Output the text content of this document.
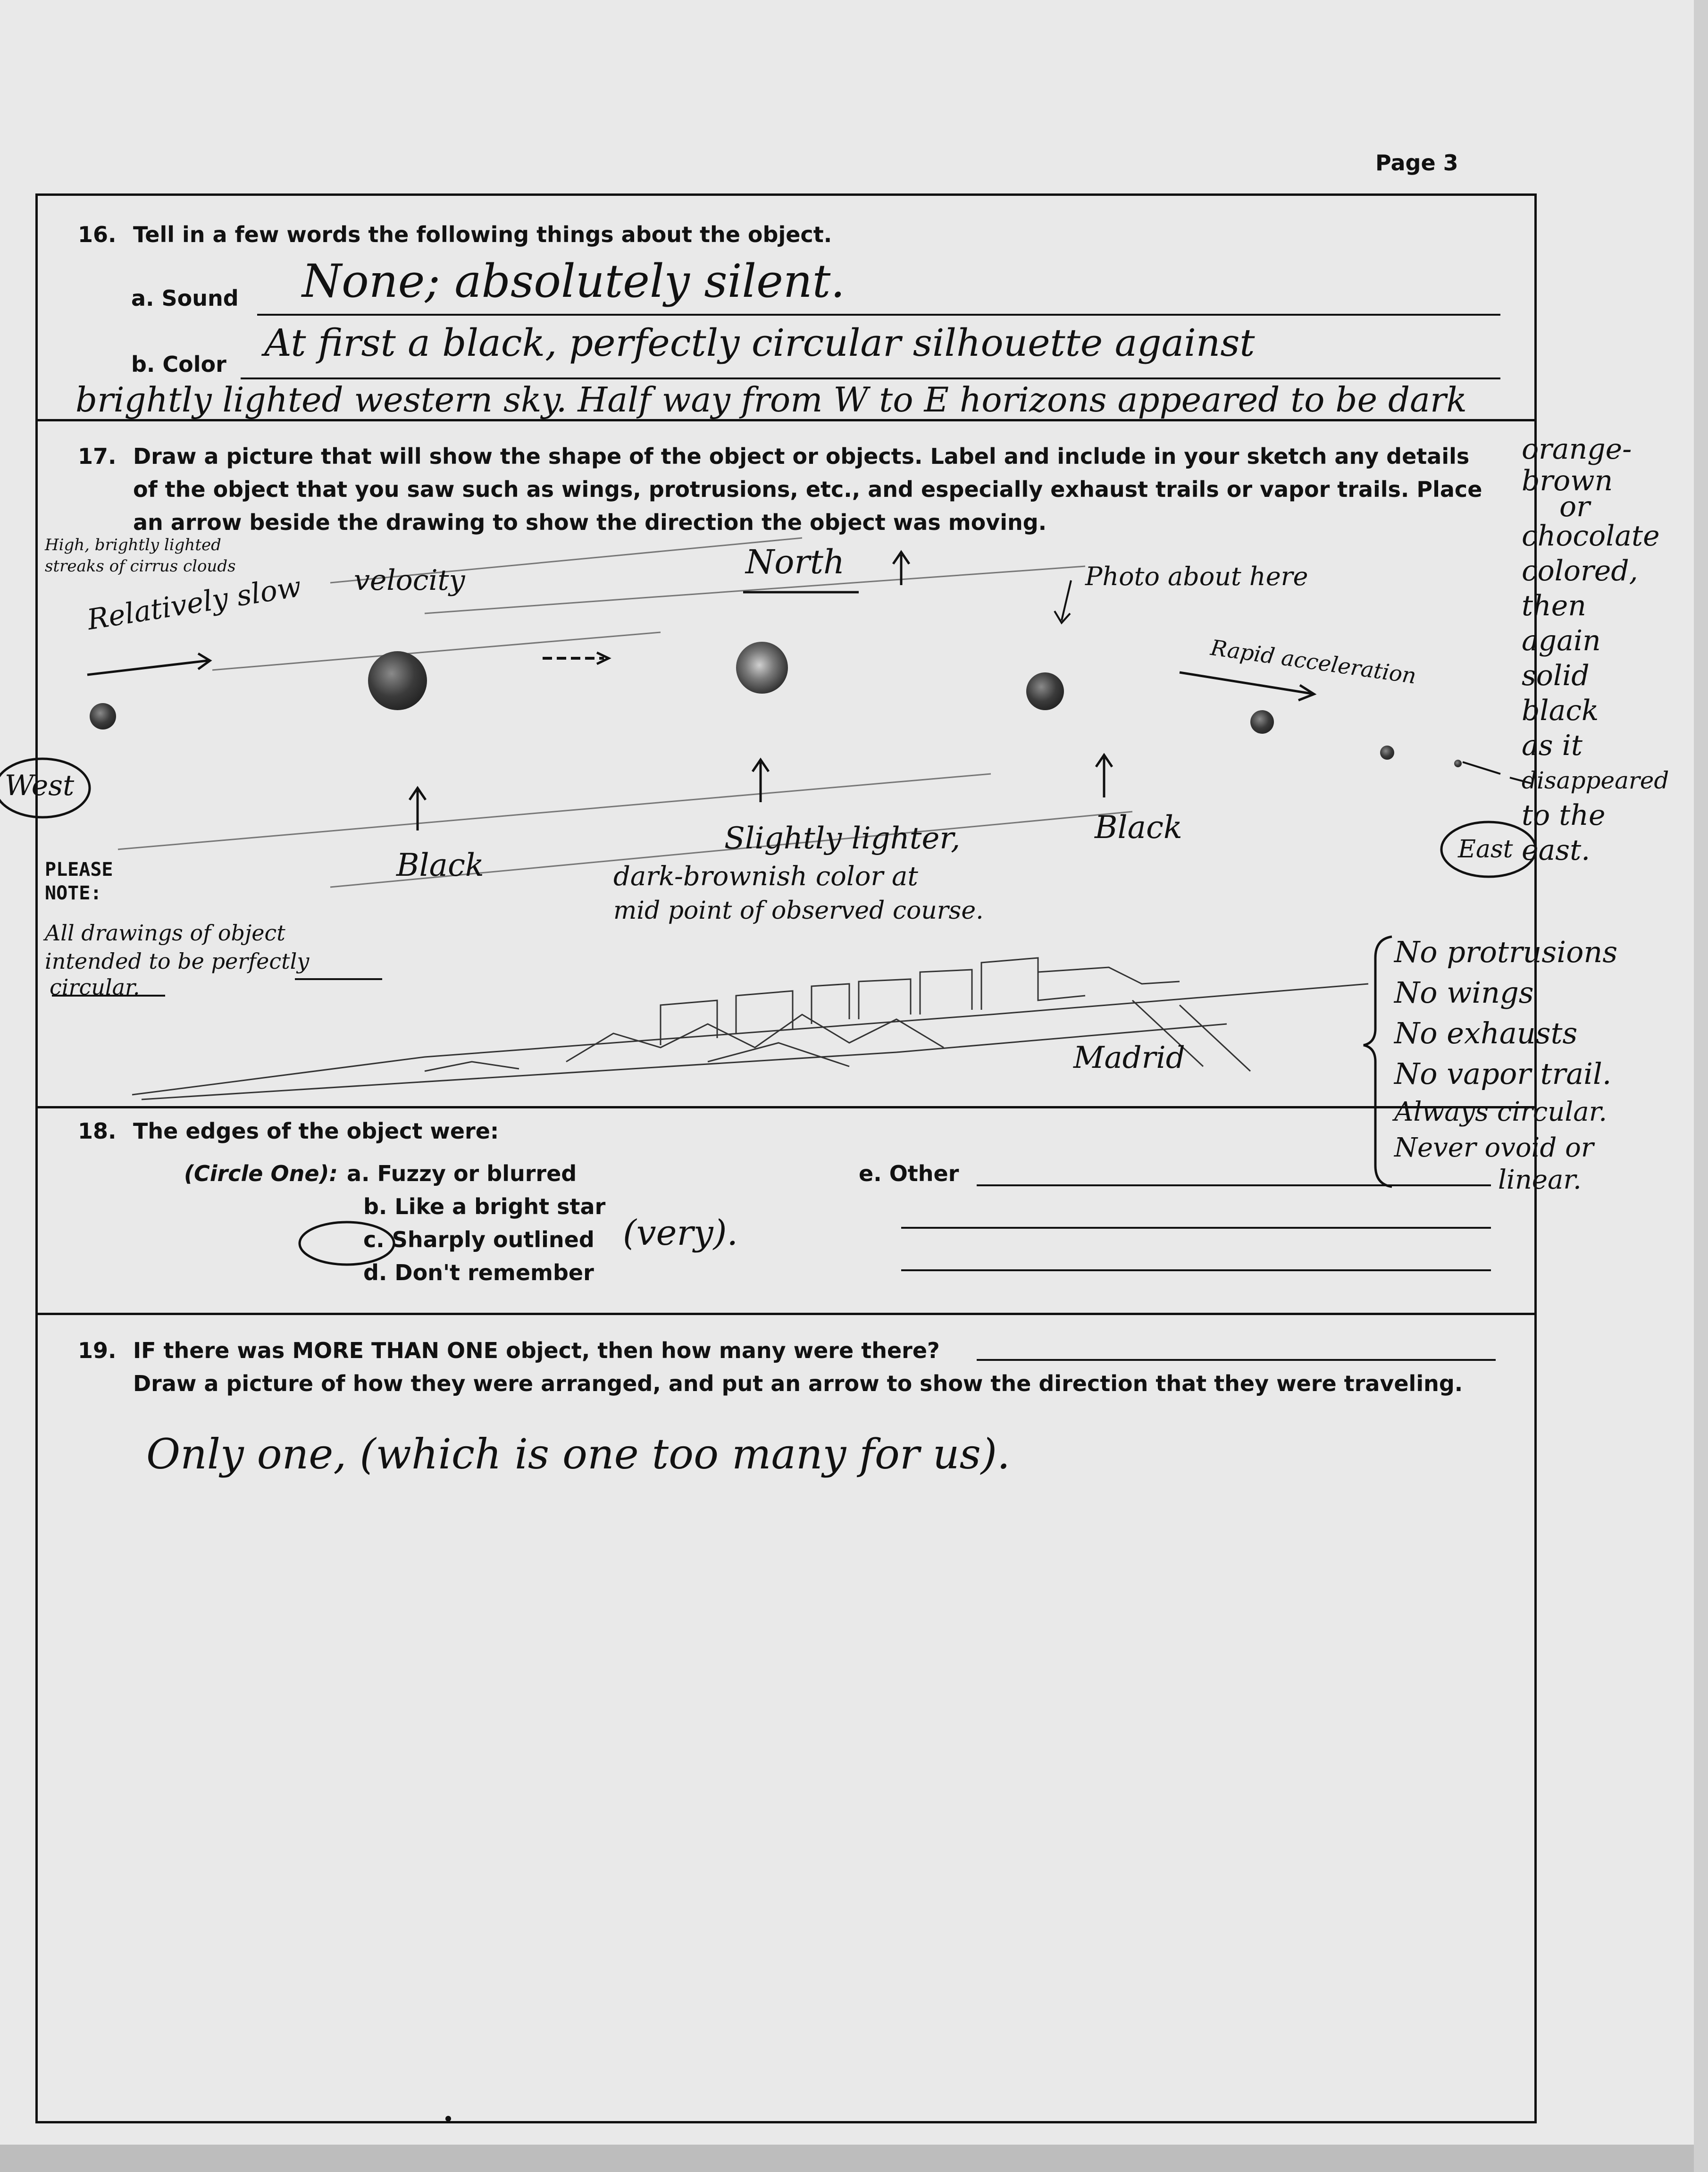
Page 3
16. Tell in a few words the following things about the object.
a. Sound None; absolutely silent.
b. Color At first a black, perfectly circular silhouette against
brightly lighted western sky. Half way from W to E horizons appeared to be dark
orange-
brown
or
chocolate
colored,
then
again
solid
black
as it
disappeared
to the
east.
17. Draw a picture that will show the shape of the object or objects. Label and include in your sketch any details
of the object that you saw such as wings, protrusions, etc., and especially exhaust trails or vapor trails. Place
an arrow beside the drawing to show the direction the object was moving.
High, brightly lighted
streaks of cirrus clouds
Relatively slow velocity	North	Photo about here
Rapid acceleration
West
East
Black
Black
Slightly lighter,
dark-brownish color at
mid point of observed course.
PLEASE
NOTE:
All drawings of object
intended to be perfectly
circular.
Madrid
No protrusions
No wings
No exhausts
No vapor trail.
Always circular.
Never ovoid or
linear.
18. The edges of the object were:
(Circle One): a. Fuzzy or blurred
b. Like a bright star
c. Sharply outlined
d. Don't remember
(very).
e. Other
19. IF there was MORE THAN ONE object, then how many were there?
Draw a picture of how they were arranged, and put an arrow to show the direction that they were traveling.
Only one, (which is one too many for us).
